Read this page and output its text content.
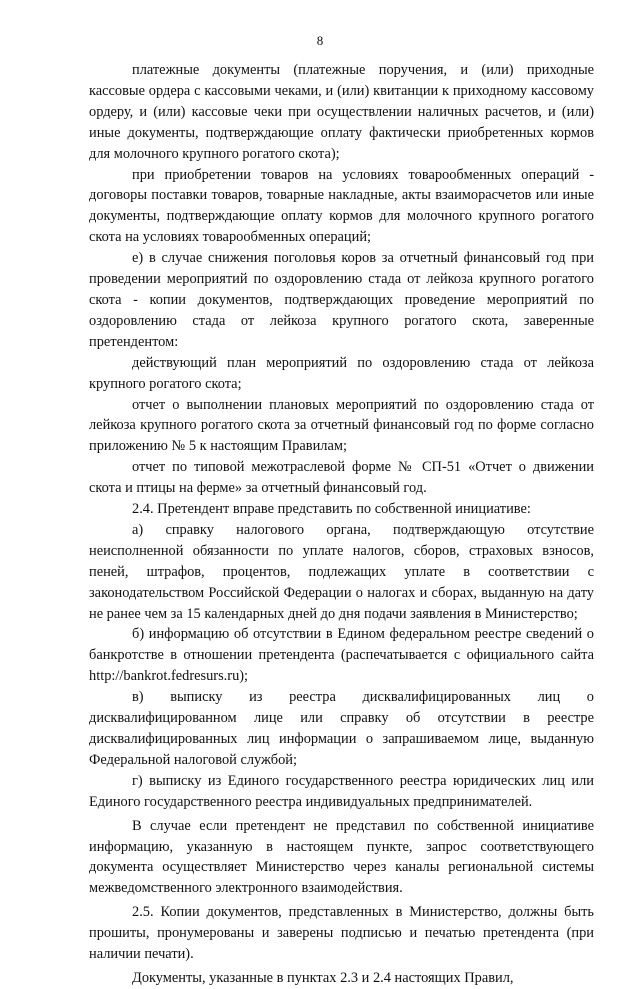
8

платежные документы (платежные поручения, и (или) приходные кассовые ордера с кассовыми чеками, и (или) квитанции к приходному кассовому ордеру, и (или) кассовые чеки при осуществлении наличных расчетов, и (или) иные документы, подтверждающие оплату фактически приобретенных кормов для молочного крупного рогатого скота);

при приобретении товаров на условиях товарообменных операций - договоры поставки товаров, товарные накладные, акты взаиморасчетов или иные документы, подтверждающие оплату кормов для молочного крупного рогатого скота на условиях товарообменных операций;

е) в случае снижения поголовья коров за отчетный финансовый год при проведении мероприятий по оздоровлению стада от лейкоза крупного рогатого скота - копии документов, подтверждающих проведение мероприятий по оздоровлению стада от лейкоза крупного рогатого скота, заверенные претендентом:

действующий план мероприятий по оздоровлению стада от лейкоза крупного рогатого скота;

отчет о выполнении плановых мероприятий по оздоровлению стада от лейкоза крупного рогатого скота за отчетный финансовый год по форме согласно приложению № 5 к настоящим Правилам;

отчет по типовой межотраслевой форме № СП-51 «Отчет о движении скота и птицы на ферме» за отчетный финансовый год.

2.4. Претендент вправе представить по собственной инициативе:

а) справку налогового органа, подтверждающую отсутствие неисполненной обязанности по уплате налогов, сборов, страховых взносов, пеней, штрафов, процентов, подлежащих уплате в соответствии с законодательством Российской Федерации о налогах и сборах, выданную на дату не ранее чем за 15 календарных дней до дня подачи заявления в Министерство;

б) информацию об отсутствии в Едином федеральном реестре сведений о банкротстве в отношении претендента (распечатывается с официального сайта http://bankrot.fedresurs.ru);

в) выписку из реестра дисквалифицированных лиц о дисквалифицированном лице или справку об отсутствии в реестре дисквалифицированных лиц информации о запрашиваемом лице, выданную Федеральной налоговой службой;

г) выписку из Единого государственного реестра юридических лиц или Единого государственного реестра индивидуальных предпринимателей.

В случае если претендент не представил по собственной инициативе информацию, указанную в настоящем пункте, запрос соответствующего документа осуществляет Министерство через каналы региональной системы межведомственного электронного взаимодействия.

2.5. Копии документов, представленных в Министерство, должны быть прошиты, пронумерованы и заверены подписью и печатью претендента (при наличии печати).

Документы, указанные в пунктах 2.3 и 2.4 настоящих Правил,
